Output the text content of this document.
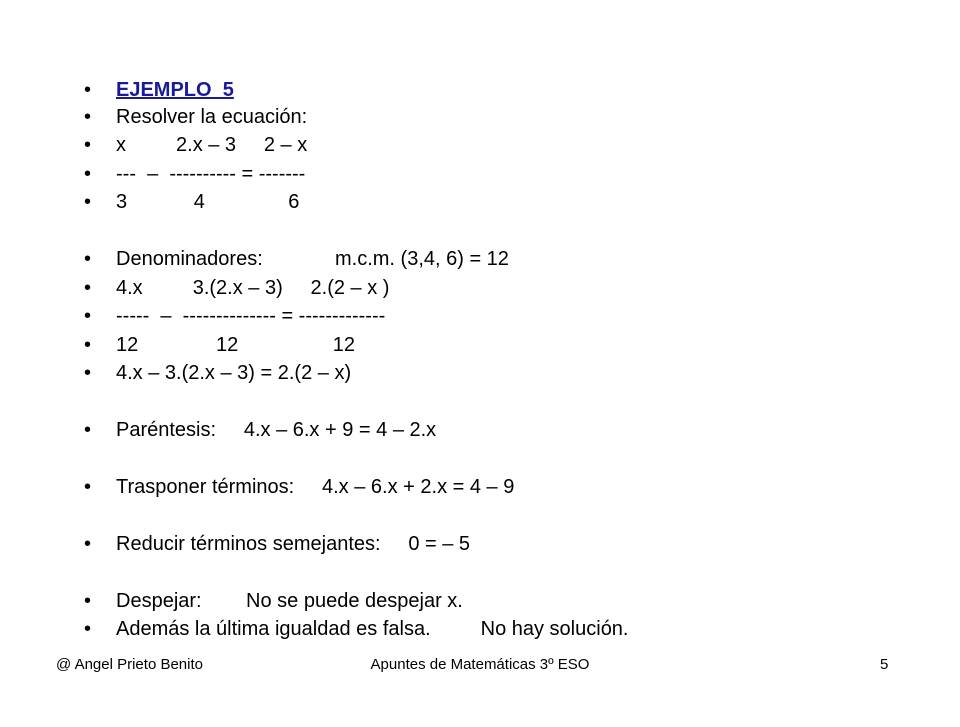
•

EJEMPLO  5

•

Resolver la ecuación:

•

x         2.x – 3     2 – x

•

---  –  ---------- = -------

•

3            4               6

•

Denominadores:             m.c.m. (3,4, 6) = 12

•

4.x         3.(2.x – 3)     2.(2 – x )

•

-----  –  -------------- = -------------

•

12              12                 12

•

4.x – 3.(2.x – 3) = 2.(2 – x)

•

Paréntesis:     4.x – 6.x + 9 = 4 – 2.x

•

Trasponer términos:     4.x – 6.x + 2.x = 4 – 9

•

Reducir términos semejantes:     0 = – 5

•

Despejar:        No se puede despejar x.

•

Además la última igualdad es falsa.         No hay solución.

@ Angel Prieto Benito	Apuntes de Matemáticas 3º ESO	5
